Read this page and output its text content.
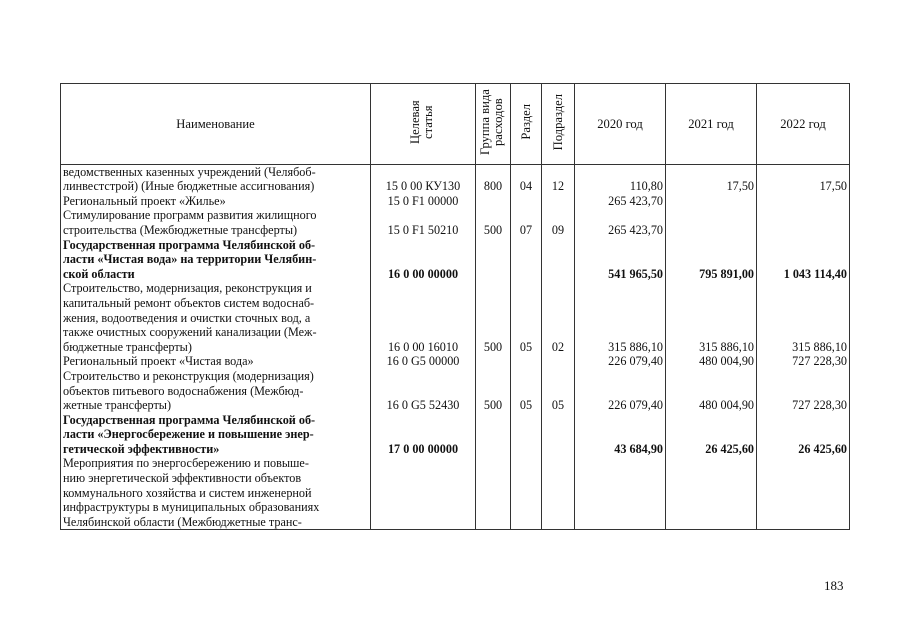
Наименование	Целевая статья	Группа вида расходов	Раздел	Подраздел	2020 год	2021 год	2022 год
ведомственных казенных учреждений (Челябоб-
линвестстрой) (Иные бюджетные ассигнования)	15 0 00 КУ130	800	04	12	110,80	17,50	17,50
Региональный проект «Жилье»	15 0 F1 00000				265 423,70		
Стимулирование программ развития жилищного
строительства (Межбюджетные трансферты)	15 0 F1 50210	500	07	09	265 423,70		
Государственная программа Челябинской об-
ласти «Чистая вода» на территории Челябин-
ской области	16 0 00 00000				541 965,50	795 891,00	1 043 114,40
Строительство, модернизация, реконструкция и
капитальный ремонт объектов систем водоснаб-
жения, водоотведения и очистки сточных вод, а
также очистных сооружений канализации (Меж-
бюджетные трансферты)	16 0 00 16010	500	05	02	315 886,10	315 886,10	315 886,10
Региональный проект «Чистая вода»	16 0 G5 00000				226 079,40	480 004,90	727 228,30
Строительство и реконструкция (модернизация)
объектов питьевого водоснабжения (Межбюд-
жетные трансферты)	16 0 G5 52430	500	05	05	226 079,40	480 004,90	727 228,30
Государственная программа Челябинской об-
ласти «Энергосбережение и повышение энер-
гетической эффективности»	17 0 00 00000				43 684,90	26 425,60	26 425,60
Мероприятия по энергосбережению и повыше-
нию энергетической эффективности объектов
коммунального хозяйства и систем инженерной
инфраструктуры в муниципальных образованиях
Челябинской области (Межбюджетные транс-							
183
